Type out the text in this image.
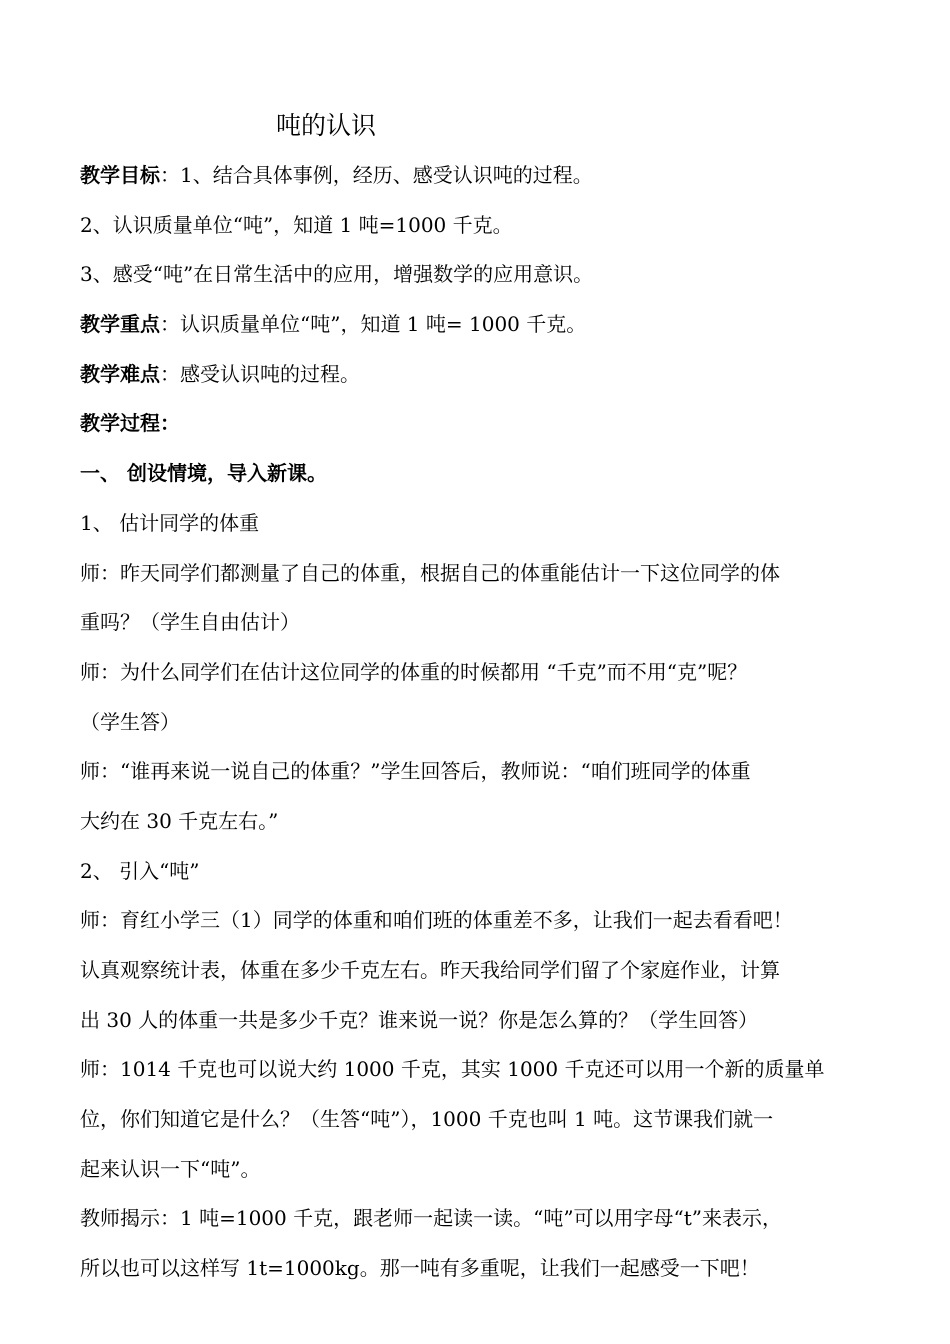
吨的认识
教学目标：1、结合具体事例，经历、感受认识吨的过程。
2、认识质量单位“吨”，知道 1 吨=1000 千克。
3、感受“吨”在日常生活中的应用，增强数学的应用意识。
教学重点：认识质量单位“吨”，知道 1 吨= 1000 千克。
教学难点：感受认识吨的过程。
教学过程：
一、 创设情境，导入新课。
1、 估计同学的体重
师：昨天同学们都测量了自己的体重，根据自己的体重能估计一下这位同学的体
重吗？（学生自由估计）
师：为什么同学们在估计这位同学的体重的时候都用 “千克”而不用“克”呢？
（学生答）
师：“谁再来说一说自己的体重？”学生回答后，教师说：“咱们班同学的体重
大约在 30 千克左右。”
2、 引入“吨”
师：育红小学三（1）同学的体重和咱们班的体重差不多，让我们一起去看看吧！
认真观察统计表，体重在多少千克左右。昨天我给同学们留了个家庭作业，计算
出 30 人的体重一共是多少千克？谁来说一说？你是怎么算的？（学生回答）
师：1014 千克也可以说大约 1000 千克，其实 1000 千克还可以用一个新的质量单
位，你们知道它是什么？（生答“吨”），1000 千克也叫 1 吨。这节课我们就一
起来认识一下“吨”。
教师揭示：1 吨=1000 千克，跟老师一起读一读。“吨”可以用字母“t”来表示，
所以也可以这样写 1t=1000kg。那一吨有多重呢，让我们一起感受一下吧！
